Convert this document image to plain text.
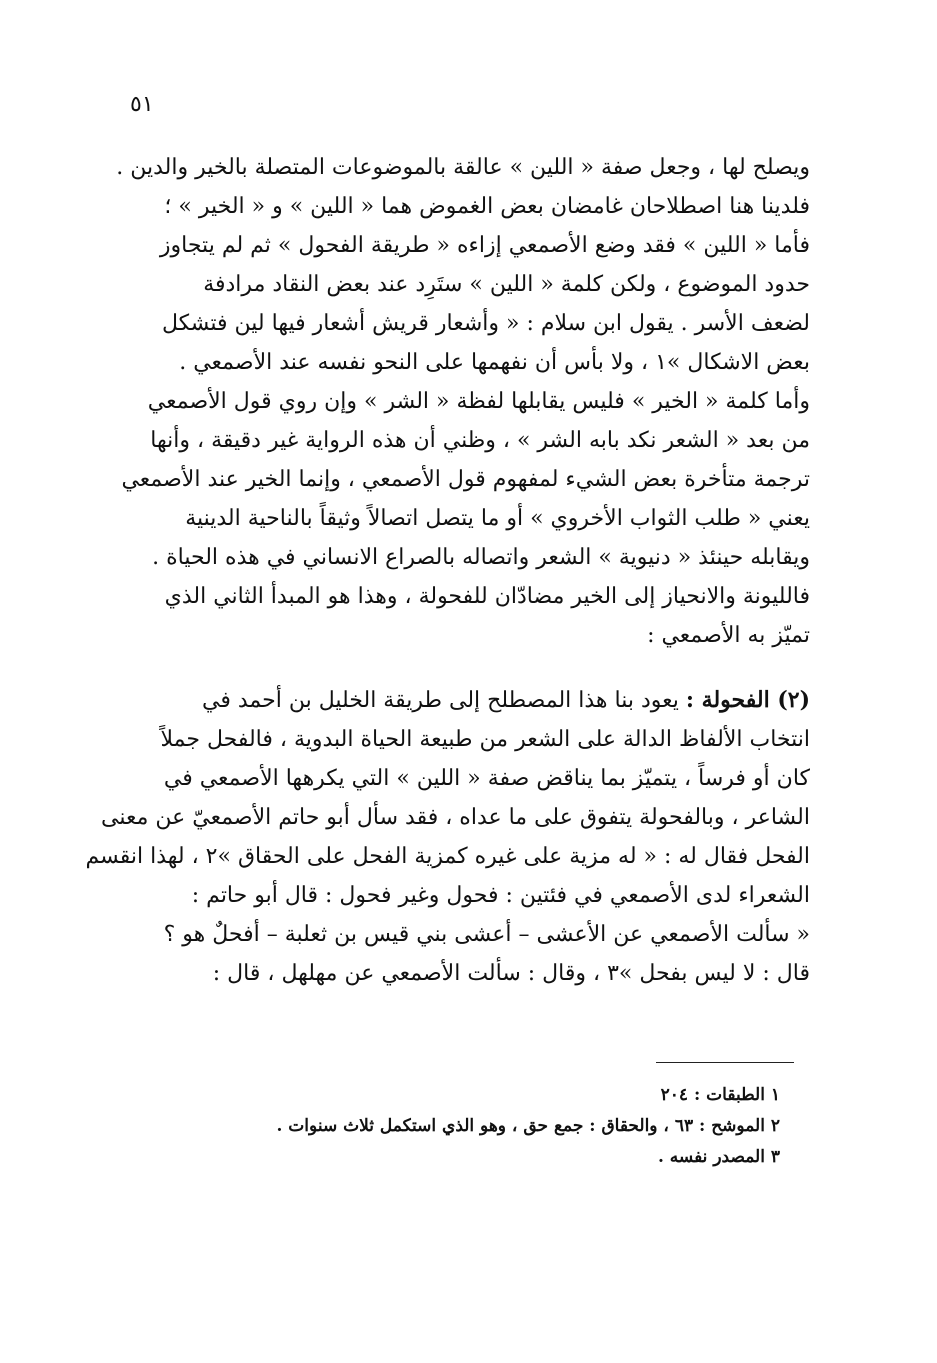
٥١
ويصلح لها ، وجعل صفة « اللين » عالقة بالموضوعات المتصلة بالخير والدين .
فلدينا هنا اصطلاحان غامضان بعض الغموض هما « اللين » و « الخير » ؛
فأما « اللين » فقد وضع الأصمعي إزاءه « طريقة الفحول » ثم لم يتجاوز
حدود الموضوع ، ولكن كلمة « اللين » ستَرِد عند بعض النقاد مرادفة
لضعف الأسر . يقول ابن سلام : « وأشعار قريش أشعار فيها لين فتشكل
بعض الاشكال »١ ، ولا بأس أن نفهمها على النحو نفسه عند الأصمعي .
وأما كلمة « الخير » فليس يقابلها لفظة « الشر » وإن روي قول الأصمعي
من بعد « الشعر نكد بابه الشر » ، وظني أن هذه الرواية غير دقيقة ، وأنها
ترجمة متأخرة بعض الشيء لمفهوم قول الأصمعي ، وإنما الخير عند الأصمعي
يعني « طلب الثواب الأخروي » أو ما يتصل اتصالاً وثيقاً بالناحية الدينية
ويقابله حينئذ « دنيوية » الشعر واتصاله بالصراع الانساني في هذه الحياة .
فالليونة والانحياز إلى الخير مضادّان للفحولة ، وهذا هو المبدأ الثاني الذي
تميّز به الأصمعي :
(٢) الفحولة : يعود بنا هذا المصطلح إلى طريقة الخليل بن أحمد في
انتخاب الألفاظ الدالة على الشعر من طبيعة الحياة البدوية ، فالفحل جملاً
كان أو فرساً ، يتميّز بما يناقض صفة « اللين » التي يكرهها الأصمعي في
الشاعر ، وبالفحولة يتفوق على ما عداه ، فقد سأل أبو حاتم الأصمعيّ عن معنى
الفحل فقال له : « له مزية على غيره كمزية الفحل على الحقاق »٢ ، لهذا انقسم
الشعراء لدى الأصمعي في فئتين : فحول وغير فحول : قال أبو حاتم :
« سألت الأصمعي عن الأعشى – أعشى بني قيس بن ثعلبة – أفحلٌ هو ؟
قال : لا ليس بفحل »٣ ، وقال : سألت الأصمعي عن مهلهل ، قال :
١ الطبقات : ٢٠٤
٢ الموشح : ٦٣ ، والحقاق : جمع حق ، وهو الذي استكمل ثلاث سنوات .
٣ المصدر نفسه .
